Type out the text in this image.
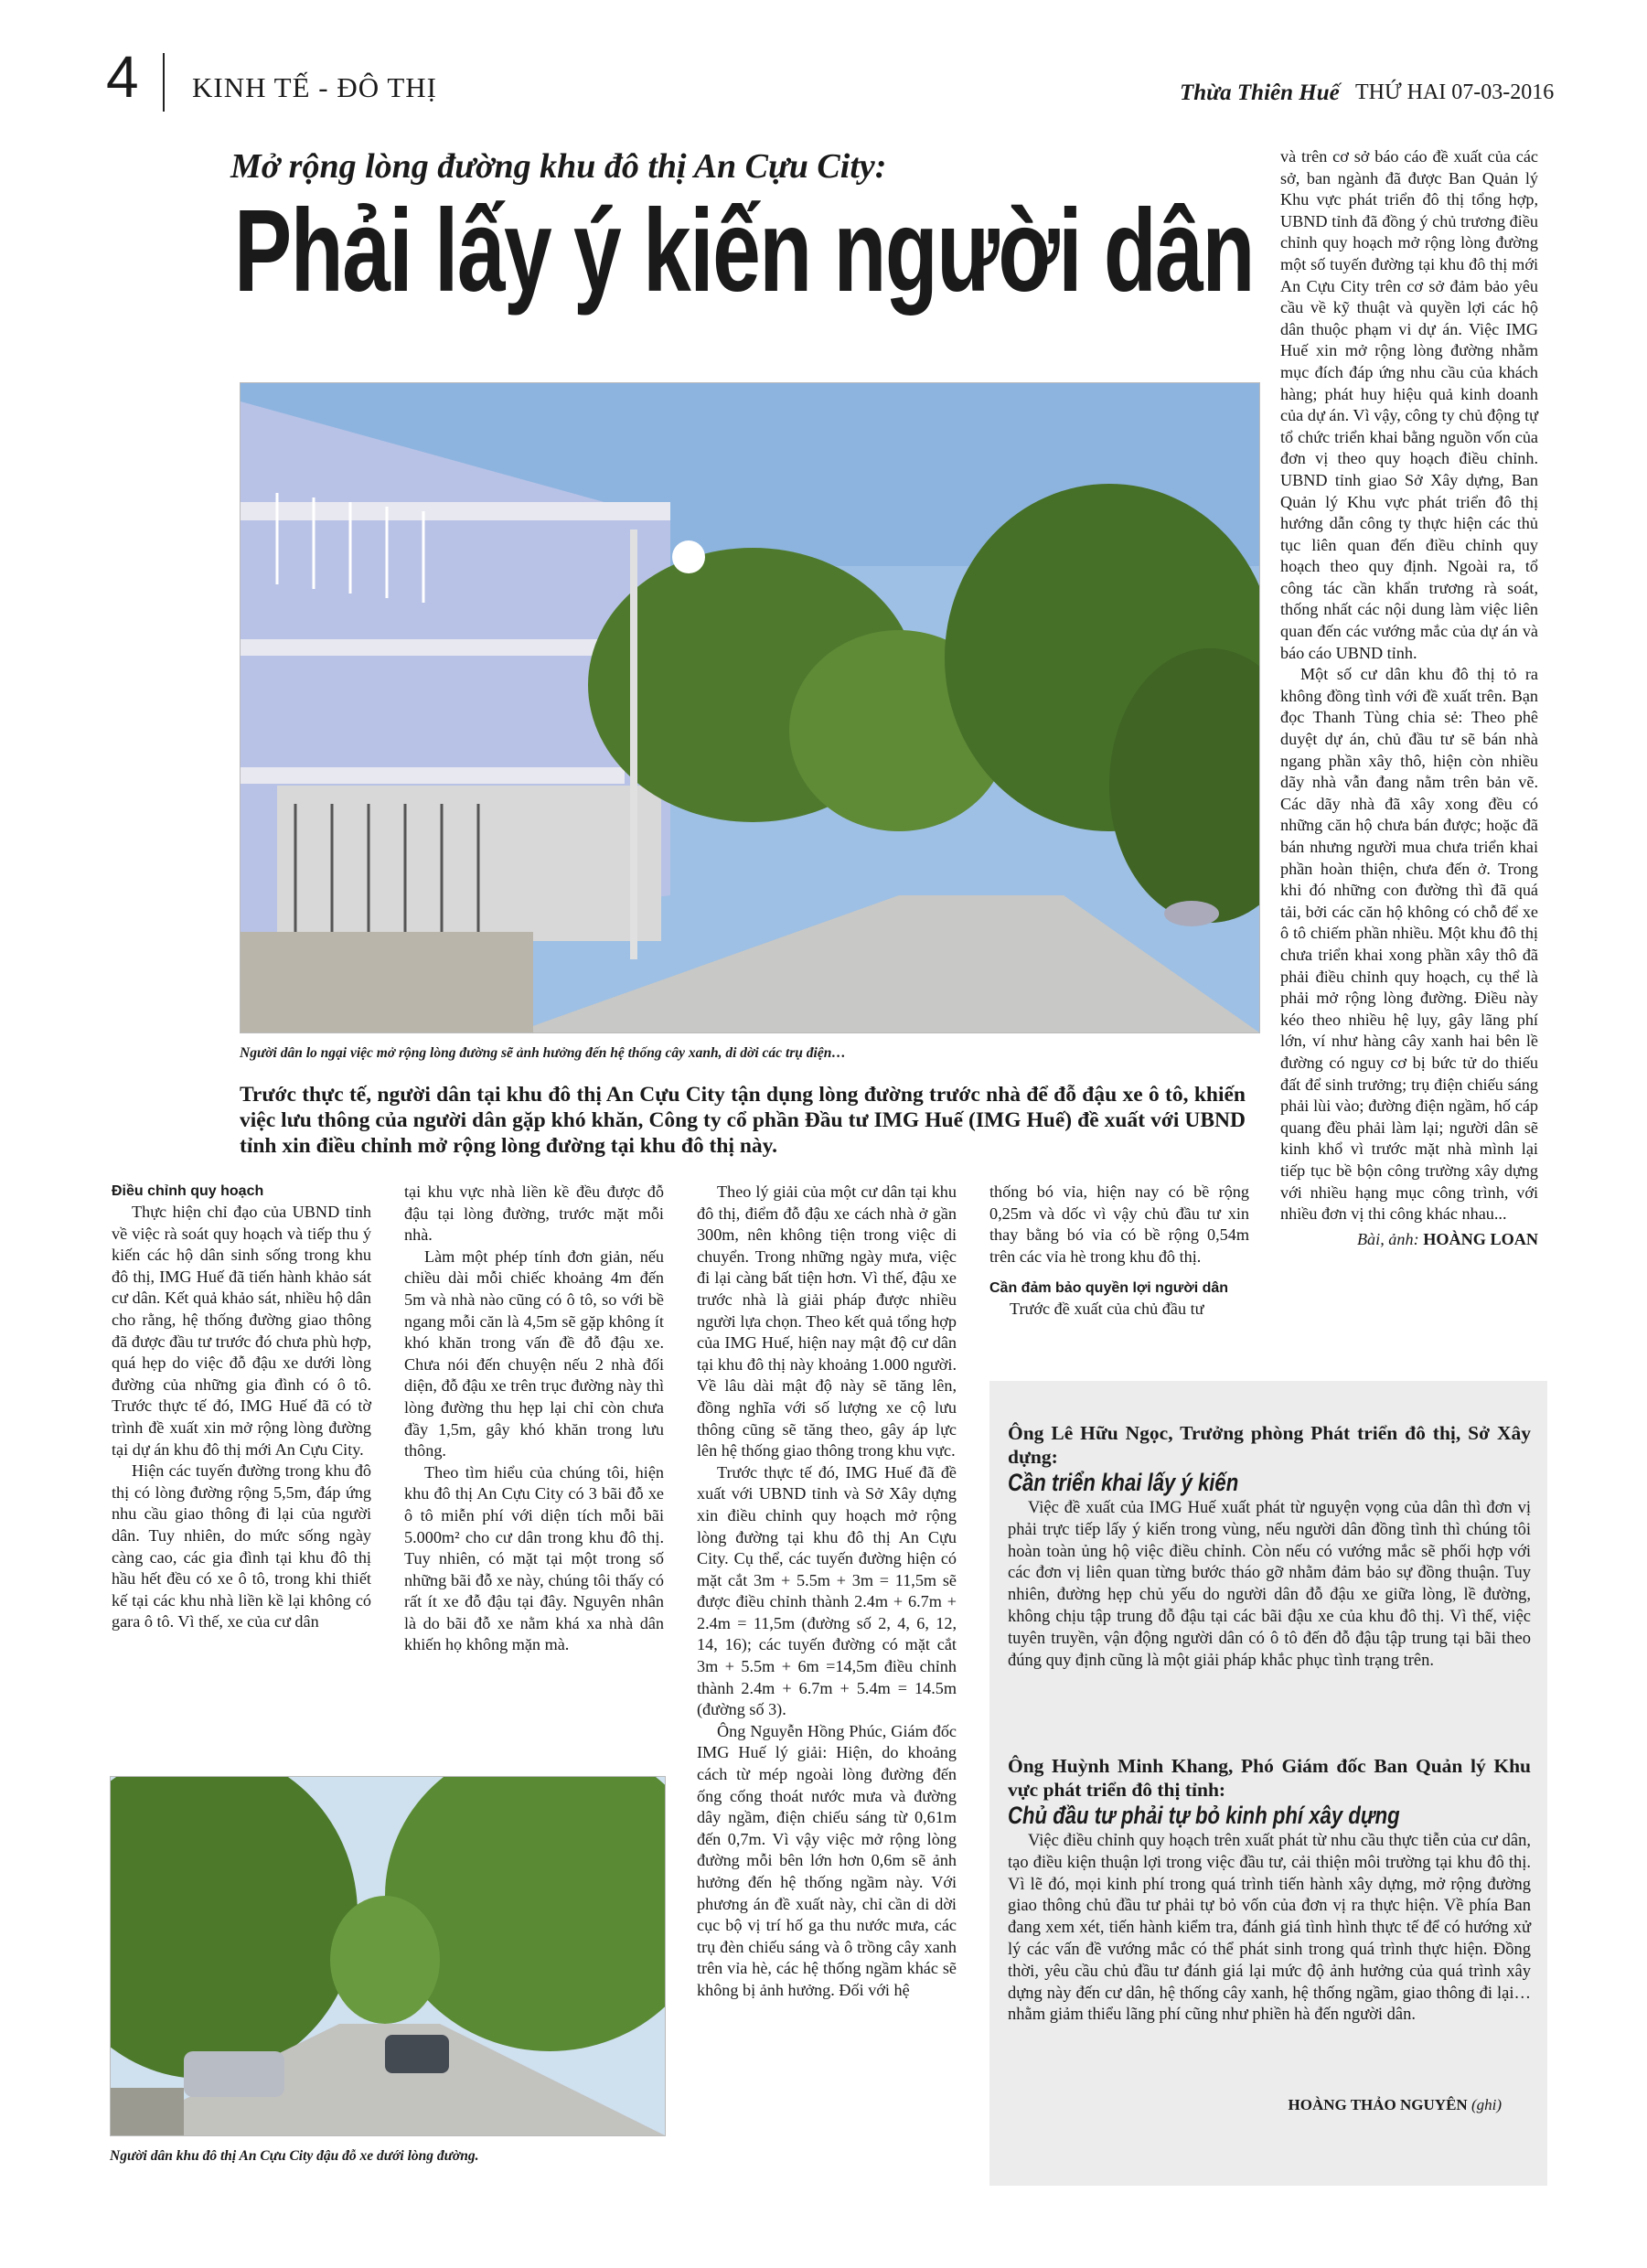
4 KINH TẾ - ĐÔ THỊ	Thừa Thiên Huế THỨ HAI 07-03-2016
Mở rộng lòng đường khu đô thị An Cựu City:
Phải lấy ý kiến người dân
Người dân lo ngại việc mở rộng lòng đường sẽ ảnh hưởng đến hệ thống cây xanh, di dời các trụ điện…
Trước thực tế, người dân tại khu đô thị An Cựu City tận dụng lòng đường trước nhà để đỗ đậu xe ô tô, khiến việc lưu thông của người dân gặp khó khăn, Công ty cổ phần Đầu tư IMG Huế (IMG Huế) đề xuất với UBND tỉnh xin điều chỉnh mở rộng lòng đường tại khu đô thị này.

Điều chỉnh quy hoạch

Thực hiện chỉ đạo của UBND tỉnh về việc rà soát quy hoạch và tiếp thu ý kiến các hộ dân sinh sống trong khu đô thị, IMG Huế đã tiến hành khảo sát cư dân. Kết quả khảo sát, nhiều hộ dân cho rằng, hệ thống đường giao thông đã được đầu tư trước đó chưa phù hợp, quá hẹp do việc đỗ đậu xe dưới lòng đường của những gia đình có ô tô. Trước thực tế đó, IMG Huế đã có tờ trình đề xuất xin mở rộng lòng đường tại dự án khu đô thị mới An Cựu City.

Hiện các tuyến đường trong khu đô thị có lòng đường rộng 5,5m, đáp ứng nhu cầu giao thông đi lại của người dân. Tuy nhiên, do mức sống ngày càng cao, các gia đình tại khu đô thị hầu hết đều có xe ô tô, trong khi thiết kế tại các khu nhà liền kề lại không có gara ô tô. Vì thế, xe của cư dân

tại khu vực nhà liền kề đều được đỗ đậu tại lòng đường, trước mặt mỗi nhà.

Làm một phép tính đơn giản, nếu chiều dài mỗi chiếc khoảng 4m đến 5m và nhà nào cũng có ô tô, so với bề ngang mỗi căn là 4,5m sẽ gặp không ít khó khăn trong vấn đề đỗ đậu xe. Chưa nói đến chuyện nếu 2 nhà đối diện, đỗ đậu xe trên trục đường này thì lòng đường thu hẹp lại chỉ còn chưa đầy 1,5m, gây khó khăn trong lưu thông.

Theo tìm hiểu của chúng tôi, hiện khu đô thị An Cựu City có 3 bãi đỗ xe ô tô miễn phí với diện tích mỗi bãi 5.000m² cho cư dân trong khu đô thị. Tuy nhiên, có mặt tại một trong số những bãi đỗ xe này, chúng tôi thấy có rất ít xe đỗ đậu tại đây. Nguyên nhân là do bãi đỗ xe nằm khá xa nhà dân khiến họ không mặn mà.

Theo lý giải của một cư dân tại khu đô thị, điểm đỗ đậu xe cách nhà ở gần 300m, nên không tiện trong việc di chuyển. Trong những ngày mưa, việc đi lại càng bất tiện hơn. Vì thế, đậu xe trước nhà là giải pháp được nhiều người lựa chọn. Theo kết quả tổng hợp của IMG Huế, hiện nay mật độ cư dân tại khu đô thị này khoảng 1.000 người. Về lâu dài mật độ này sẽ tăng lên, đồng nghĩa với số lượng xe cộ lưu thông cũng sẽ tăng theo, gây áp lực lên hệ thống giao thông trong khu vực.

Trước thực tế đó, IMG Huế đã đề xuất với UBND tỉnh và Sở Xây dựng xin điều chỉnh quy hoạch mở rộng lòng đường tại khu đô thị An Cựu City. Cụ thể, các tuyến đường hiện có mặt cắt 3m + 5.5m + 3m = 11,5m sẽ được điều chỉnh thành 2.4m + 6.7m + 2.4m = 11,5m (đường số 2, 4, 6, 12, 14, 16); các tuyến đường có mặt cắt 3m + 5.5m + 6m =14,5m điều chỉnh thành 2.4m + 6.7m + 5.4m = 14.5m (đường số 3).

Ông Nguyễn Hồng Phúc, Giám đốc IMG Huế lý giải: Hiện, do khoảng cách từ mép ngoài lòng đường đến ống cống thoát nước mưa và đường dây ngầm, điện chiếu sáng từ 0,61m đến 0,7m. Vì vậy việc mở rộng lòng đường mỗi bên lớn hơn 0,6m sẽ ảnh hưởng đến hệ thống ngầm này. Với phương án đề xuất này, chỉ cần di dời cục bộ vị trí hố ga thu nước mưa, các trụ đèn chiếu sáng và ô trồng cây xanh trên vỉa hè, các hệ thống ngầm khác sẽ không bị ảnh hưởng. Đối với hệ

thống bó vỉa, hiện nay có bề rộng 0,25m và dốc vì vậy chủ đầu tư xin thay bằng bó vỉa có bề rộng 0,54m trên các vỉa hè trong khu đô thị.

Cần đảm bảo quyền lợi người dân

Trước đề xuất của chủ đầu tư

và trên cơ sở báo cáo đề xuất của các sở, ban ngành đã được Ban Quản lý Khu vực phát triển đô thị tổng hợp, UBND tỉnh đã đồng ý chủ trương điều chỉnh quy hoạch mở rộng lòng đường một số tuyến đường tại khu đô thị mới An Cựu City trên cơ sở đảm bảo yêu cầu về kỹ thuật và quyền lợi các hộ dân thuộc phạm vi dự án. Việc IMG Huế xin mở rộng lòng đường nhằm mục đích đáp ứng nhu cầu của khách hàng; phát huy hiệu quả kinh doanh của dự án. Vì vậy, công ty chủ động tự tổ chức triển khai bằng nguồn vốn của đơn vị theo quy hoạch điều chỉnh. UBND tỉnh giao Sở Xây dựng, Ban Quản lý Khu vực phát triển đô thị hướng dẫn công ty thực hiện các thủ tục liên quan đến điều chỉnh quy hoạch theo quy định. Ngoài ra, tổ công tác cần khẩn trương rà soát, thống nhất các nội dung làm việc liên quan đến các vướng mắc của dự án và báo cáo UBND tỉnh.

Một số cư dân khu đô thị tỏ ra không đồng tình với đề xuất trên. Bạn đọc Thanh Tùng chia sẻ: Theo phê duyệt dự án, chủ đầu tư sẽ bán nhà ngang phần xây thô, hiện còn nhiều dãy nhà vẫn đang nằm trên bản vẽ. Các dãy nhà đã xây xong đều có những căn hộ chưa bán được; hoặc đã bán nhưng người mua chưa triển khai phần hoàn thiện, chưa đến ở. Trong khi đó những con đường thì đã quá tải, bởi các căn hộ không có chỗ để xe ô tô chiếm phần nhiều. Một khu đô thị chưa triển khai xong phần xây thô đã phải điều chỉnh quy hoạch, cụ thể là phải mở rộng lòng đường. Điều này kéo theo nhiều hệ lụy, gây lãng phí lớn, ví như hàng cây xanh hai bên lề đường có nguy cơ bị bức tử do thiếu đất để sinh trưởng; trụ điện chiếu sáng phải lùi vào; đường điện ngầm, hố cáp quang đều phải làm lại; người dân sẽ kinh khổ vì trước mặt nhà mình lại tiếp tục bề bộn công trường xây dựng với nhiều hạng mục công trình, với nhiều đơn vị thi công khác nhau...

Bài, ảnh: HOÀNG LOAN
Người dân khu đô thị An Cựu City đậu đỗ xe dưới lòng đường.

Ông Lê Hữu Ngọc, Trưởng phòng Phát triển đô thị, Sở Xây dựng:

Cần triển khai lấy ý kiến

Việc đề xuất của IMG Huế xuất phát từ nguyện vọng của dân thì đơn vị phải trực tiếp lấy ý kiến trong vùng, nếu người dân đồng tình thì chúng tôi hoàn toàn ủng hộ việc điều chỉnh. Còn nếu có vướng mắc sẽ phối hợp với các đơn vị liên quan từng bước tháo gỡ nhằm đảm bảo sự đồng thuận. Tuy nhiên, đường hẹp chủ yếu do người dân đỗ đậu xe giữa lòng, lề đường, không chịu tập trung đỗ đậu tại các bãi đậu xe của khu đô thị. Vì thế, việc tuyên truyền, vận động người dân có ô tô đến đỗ đậu tập trung tại bãi theo đúng quy định cũng là một giải pháp khắc phục tình trạng trên.

Ông Huỳnh Minh Khang, Phó Giám đốc Ban Quản lý Khu vực phát triển đô thị tỉnh:

Chủ đầu tư phải tự bỏ kinh phí xây dựng

Việc điều chỉnh quy hoạch trên xuất phát từ nhu cầu thực tiễn của cư dân, tạo điều kiện thuận lợi trong việc đầu tư, cải thiện môi trường tại khu đô thị. Vì lẽ đó, mọi kinh phí trong quá trình tiến hành xây dựng, mở rộng đường giao thông chủ đầu tư phải tự bỏ vốn của đơn vị ra thực hiện. Về phía Ban đang xem xét, tiến hành kiểm tra, đánh giá tình hình thực tế để có hướng xử lý các vấn đề vướng mắc có thể phát sinh trong quá trình thực hiện. Đồng thời, yêu cầu chủ đầu tư đánh giá lại mức độ ảnh hưởng của quá trình xây dựng này đến cư dân, hệ thống cây xanh, hệ thống ngầm, giao thông đi lại… nhằm giảm thiểu lãng phí cũng như phiền hà đến người dân.

HOÀNG THẢO NGUYÊN (ghi)
